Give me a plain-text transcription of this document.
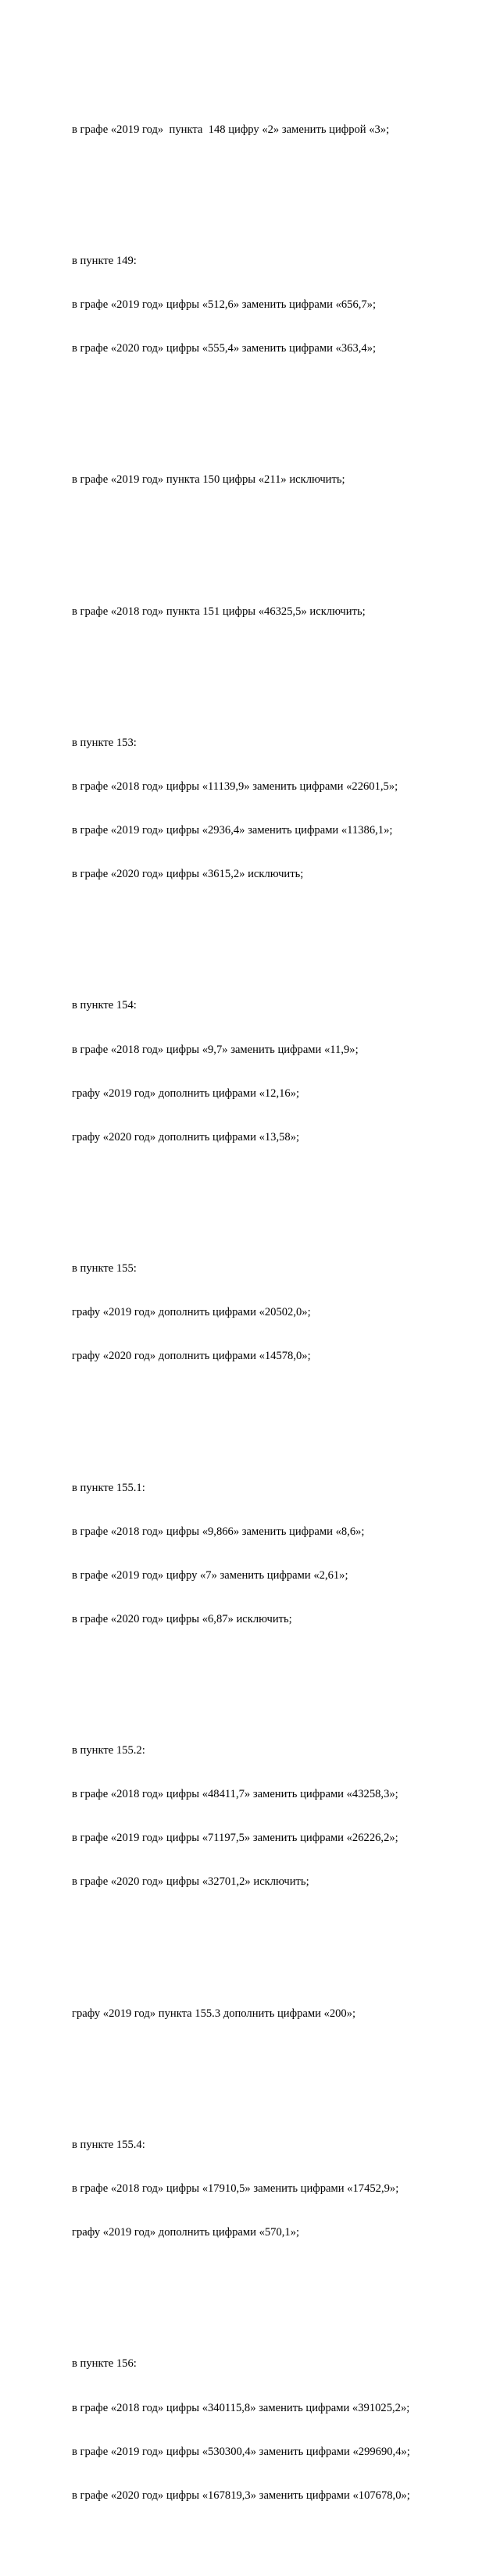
в графе «2019 год»  пункта  148 цифру «2» заменить цифрой «3»;

в пункте 149:

в графе «2019 год» цифры «512,6» заменить цифрами «656,7»;

в графе «2020 год» цифры «555,4» заменить цифрами «363,4»;

в графе «2019 год» пункта 150 цифры «211» исключить;

в графе «2018 год» пункта 151 цифры «46325,5» исключить;

в пункте 153:

в графе «2018 год» цифры «11139,9» заменить цифрами «22601,5»;

в графе «2019 год» цифры «2936,4» заменить цифрами «11386,1»;

в графе «2020 год» цифры «3615,2» исключить;

в пункте 154:

в графе «2018 год» цифры «9,7» заменить цифрами «11,9»;

графу «2019 год» дополнить цифрами «12,16»;

графу «2020 год» дополнить цифрами «13,58»;

в пункте 155:

графу «2019 год» дополнить цифрами «20502,0»;

графу «2020 год» дополнить цифрами «14578,0»;

в пункте 155.1:

в графе «2018 год» цифры «9,866» заменить цифрами «8,6»;

в графе «2019 год» цифру «7» заменить цифрами «2,61»;

в графе «2020 год» цифры «6,87» исключить;

в пункте 155.2:

в графе «2018 год» цифры «48411,7» заменить цифрами «43258,3»;

в графе «2019 год» цифры «71197,5» заменить цифрами «26226,2»;

в графе «2020 год» цифры «32701,2» исключить;

графу «2019 год» пункта 155.3 дополнить цифрами «200»;

в пункте 155.4:

в графе «2018 год» цифры «17910,5» заменить цифрами «17452,9»;

графу «2019 год» дополнить цифрами «570,1»;

в пункте 156:

в графе «2018 год» цифры «340115,8» заменить цифрами «391025,2»;

в графе «2019 год» цифры «530300,4» заменить цифрами «299690,4»;

в графе «2020 год» цифры «167819,3» заменить цифрами «107678,0»;
